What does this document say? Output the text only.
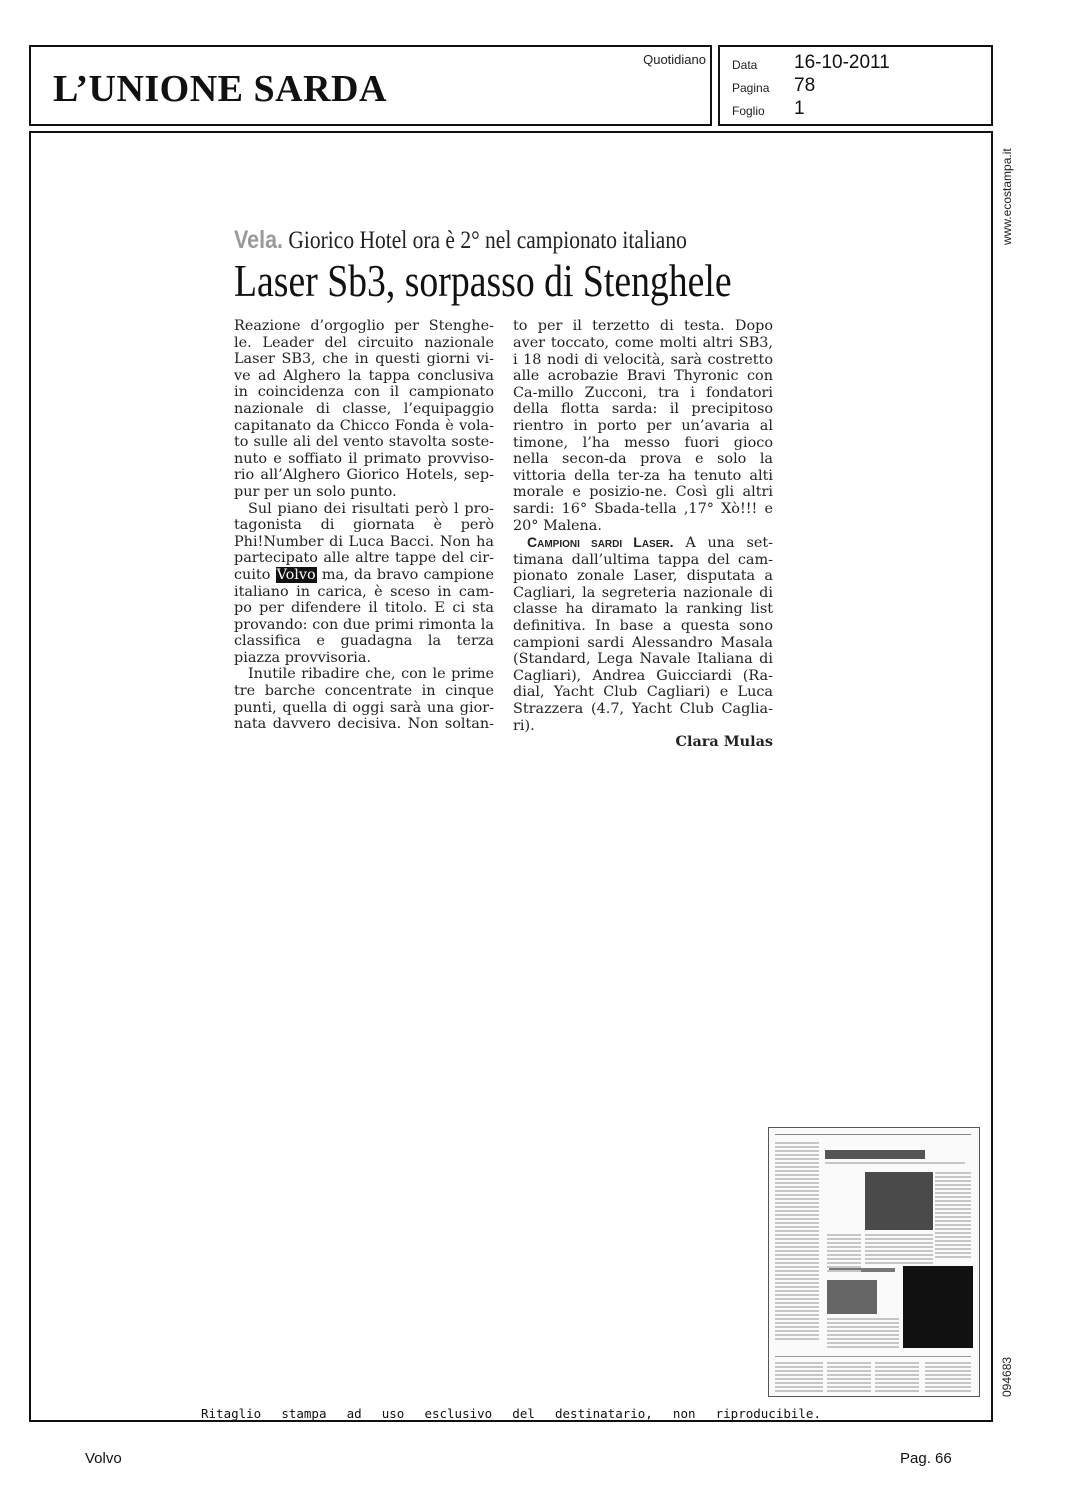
L’UNIONE SARDA
Quotidiano Data	16-10-2011
Pagina	78
Foglio	1
www.ecostampa.it
094683
Vela. Giorico Hotel ora è 2° nel campionato italiano
Laser Sb3, sorpasso di Stenghele

Reazione d’orgoglio per Stenghe-le. Leader del circuito nazionale Laser SB3, che in questi giorni vi-ve ad Alghero la tappa conclusiva in coincidenza con il campionato nazionale di classe, l’equipaggio capitanato da Chicco Fonda è vola-to sulle ali del vento stavolta soste-nuto e soffiato il primato provviso-rio all’Alghero Giorico Hotels, sep-pur per un solo punto.

Sul piano dei risultati però l pro-tagonista di giornata è però Phi!Number di Luca Bacci. Non ha partecipato alle altre tappe del cir-cuito Volvo ma, da bravo campione italiano in carica, è sceso in cam-po per difendere il titolo. E ci sta provando: con due primi rimonta la classifica e guadagna la terza piazza provvisoria.

Inutile ribadire che, con le prime tre barche concentrate in cinque punti, quella di oggi sarà una gior-nata davvero decisiva. Non soltan-

to per il terzetto di testa. Dopo aver toccato, come molti altri SB3, i 18 nodi di velocità, sarà costretto alle acrobazie Bravi Thyronic con Ca-millo Zucconi, tra i fondatori della flotta sarda: il precipitoso rientro in porto per un’avaria al timone, l’ha messo fuori gioco nella secon-da prova e solo la vittoria della ter-za ha tenuto alti morale e posizio-ne. Così gli altri sardi: 16° Sbada-tella ,17° Xò!!! e 20° Malena.

Campioni sardi Laser. A una set-timana dall’ultima tappa del cam-pionato zonale Laser, disputata a Cagliari, la segreteria nazionale di classe ha diramato la ranking list definitiva. In base a questa sono campioni sardi Alessandro Masala (Standard, Lega Navale Italiana di Cagliari), Andrea Guicciardi (Ra-dial, Yacht Club Cagliari) e Luca Strazzera (4.7, Yacht Club Caglia-ri).

Clara Mulas

Ritaglio stampa ad uso esclusivo del destinatario, non riproducibile.
Volvo	Pag. 66
